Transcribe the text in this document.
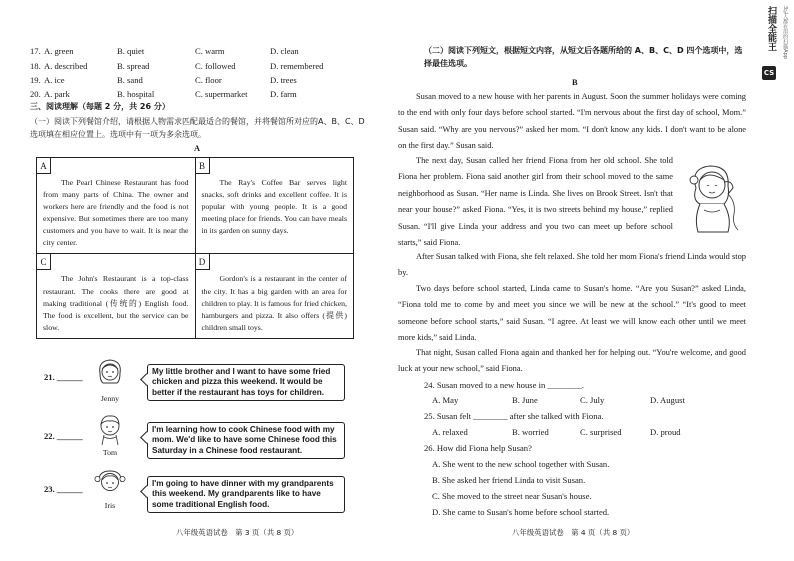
17. A. green	B. quiet	C. warm	D. clean
18. A. described	B. spread	C. followed	D. remembered
19. A. ice	B. sand	C. floor	D. trees
20. A. park	B. hospital	C. supermarket	D. farm
三、阅读理解（每题 2 分，共 26 分）
（一）阅读下列餐馆介绍，请根据人物需求匹配最适合的餐馆，并将餐馆所对应的A、B、C、D选项填在相应位置上。选项中有一项为多余选项。
A
A
The Pearl Chinese Restaurant has food from many parts of China. The owner and workers here are friendly and the food is not expensive. But sometimes there are too many customers and you have to wait. It is near the city center.	B
The Ray's Coffee Bar serves light snacks, soft drinks and excellent coffee. It is popular with young people. It is a good meeting place for friends. You can have meals in its garden on sunny days.

C
The John's Restaurant is a top-class restaurant. The cooks there are good at making traditional (传统的) English food. The food is excellent, but the service can be slow.	D
Gordon's is a restaurant in the center of the city. It has a big garden with an area for children to play. It is famous for fried chicken, hamburgers and pizza. It also offers (提供) children small toys.
21. ______
Jenny
My little brother and I want to have some fried chicken and pizza this weekend. It would be better if the restaurant has toys for children.
22. ______
Tom
I'm learning how to cook Chinese food with my mom. We'd like to have some Chinese food this Saturday in a Chinese food restaurant.
23. ______
Iris
I'm going to have dinner with my grandparents this weekend. My grandparents like to have some traditional English food.
八年级英语试卷　第 3 页（共 8 页）
（二）阅读下列短文，根据短文内容，从短文后各题所给的 A、B、C、D 四个选项中，选择最佳选项。
B
Susan moved to a new house with her parents in August. Soon the summer holidays were coming to the end with only four days before school started. “I'm nervous about the first day of school, Mom.” Susan said. “Why are you nervous?” asked her mom. “I don't know any kids. I don't want to be alone on the first day.” Susan said.
The next day, Susan called her friend Fiona from her old school. She told Fiona her problem. Fiona said another girl from their school moved to the same neighborhood as Susan. “Her name is Linda. She lives on Brook Street. Isn't that near your house?” asked Fiona. “Yes, it is two streets behind my house,” replied Susan. “I'll give Linda your address and you two can meet up before school starts,” said Fiona.
After Susan talked with Fiona, she felt relaxed. She told her mom Fiona's friend Linda would stop by.
Two days before school started, Linda came to Susan's home. “Are you Susan?” asked Linda, “Fiona told me to come by and meet you since we will be new at the school.” “It's good to meet someone before school starts,” said Susan. “I agree. At least we will know each other until we meet more kids,” said Linda.
That night, Susan called Fiona again and thanked her for helping out. “You're welcome, and good luck at your new school,” said Fiona.
24. Susan moved to a new house in ________.
A. May	B. June	C. July	D. August
25. Susan felt ________ after she talked with Fiona.
A. relaxed	B. worried	C. surprised	D. proud
26. How did Fiona help Susan?
A. She went to the new school together with Susan.
B. She asked her friend Linda to visit Susan.
C. She moved to the street near Susan's house.
D. She came to Susan's home before school started.
八年级英语试卷　第 4 页（共 8 页）
CS
扫描全能王	3亿人都在用的扫描App
